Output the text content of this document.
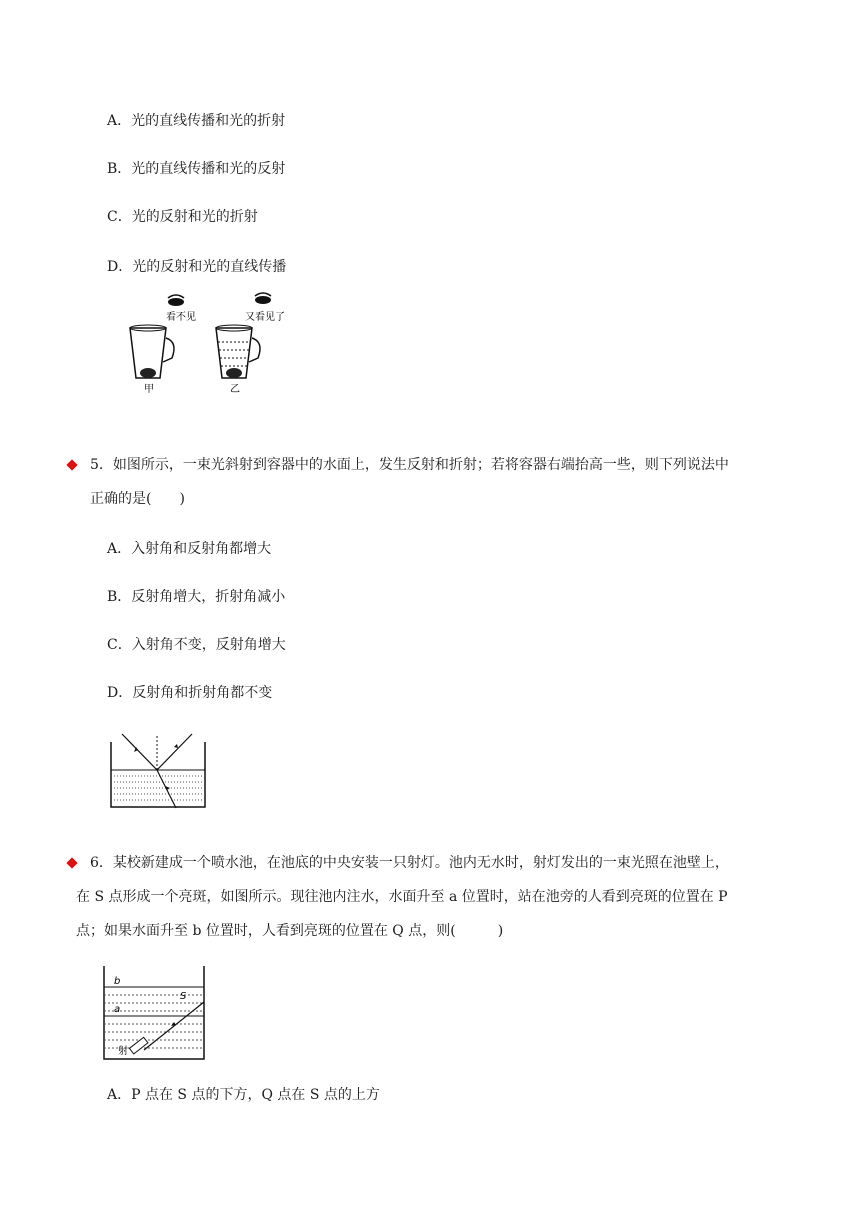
A．光的直线传播和光的折射
B．光的直线传播和光的反射
C．光的反射和光的折射
D．光的反射和光的直线传播
看不见
甲
又看见了
乙
5．如图所示，一束光斜射到容器中的水面上，发生反射和折射；若将容器右端抬高一些，则下列说法中
正确的是(　　)
A．入射角和反射角都增大
B．反射角增大，折射角减小
C．入射角不变，反射角增大
D．反射角和折射角都不变
6．某校新建成一个喷水池，在池底的中央安装一只射灯。池内无水时，射灯发出的一束光照在池壁上，
在 S 点形成一个亮斑，如图所示。现往池内注水，水面升至 a 位置时，站在池旁的人看到亮斑的位置在 P
点；如果水面升至 b 位置时，人看到亮斑的位置在 Q 点，则(　　　)
b
a
S
射
A．P 点在 S 点的下方，Q 点在 S 点的上方
